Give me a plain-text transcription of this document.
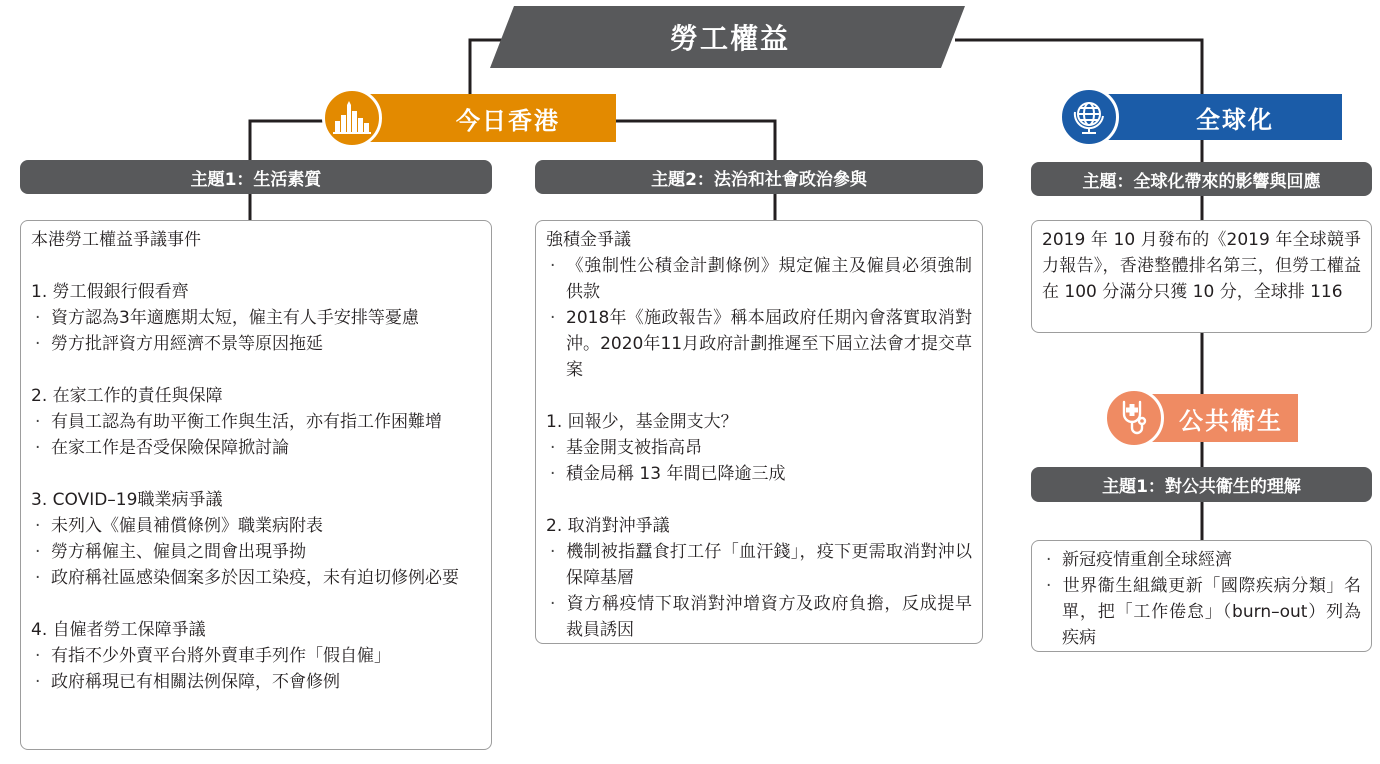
勞工權益
今日香港	全球化
主題1：生活素質	主題2：法治和社會政治參與	主題：全球化帶來的影響與回應

本港勞工權益爭議事件

1. 勞工假銀行假看齊

· 資方認為3年適應期太短，僱主有人手安排等憂慮

· 勞方批評資方用經濟不景等原因拖延

2. 在家工作的責任與保障

· 有員工認為有助平衡工作與生活，亦有指工作困難增

· 在家工作是否受保險保障掀討論

3. COVID–19職業病爭議

· 未列入《僱員補償條例》職業病附表

· 勞方稱僱主、僱員之間會出現爭拗

· 政府稱社區感染個案多於因工染疫，未有迫切修例必要

4. 自僱者勞工保障爭議

· 有指不少外賣平台將外賣車手列作「假自僱」

· 政府稱現已有相關法例保障，不會修例

強積金爭議

· 《強制性公積金計劃條例》規定僱主及僱員必須強制供款

· 2018年《施政報告》稱本屆政府任期內會落實取消對沖。2020年11月政府計劃推遲至下屆立法會才提交草案

1. 回報少，基金開支大？

· 基金開支被指高昂

· 積金局稱 13 年間已降逾三成

2. 取消對沖爭議

· 機制被指蠶食打工仔「血汗錢」，疫下更需取消對沖以保障基層

· 資方稱疫情下取消對沖增資方及政府負擔，反成提早裁員誘因

2019 年 10 月發布的《2019 年全球競爭力報告》，香港整體排名第三，但勞工權益在 100 分滿分只獲 10 分，全球排 116

公共衞生
主題1：對公共衞生的理解

· 新冠疫情重創全球經濟

· 世界衞生組織更新「國際疾病分類」名單，把「工作倦怠」（burn–out）列為疾病
